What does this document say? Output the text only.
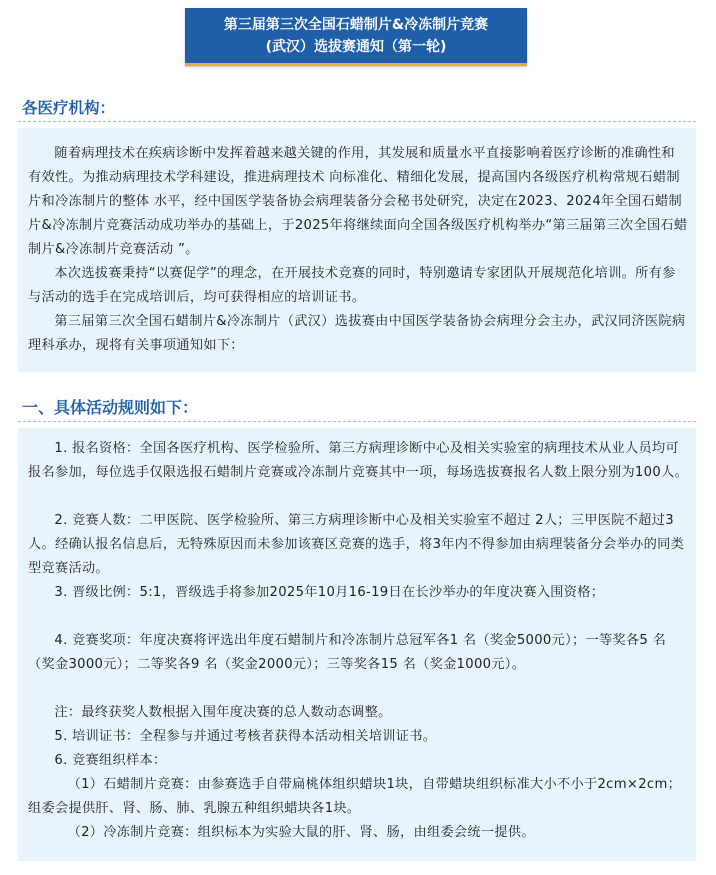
第三届第三次全国石蜡制片&冷冻制片竞赛
(武汉）选拔赛通知（第一轮)
各医疗机构：
随着病理技术在疾病诊断中发挥着越来越关键的作用，其发展和质量水平直接影响着医疗诊断的准确性和有效性。为推动病理技术学科建设，推进病理技术 向标准化、精细化发展，提高国内各级医疗机构常规石蜡制片和冷冻制片的整体 水平，经中国医学装备协会病理装备分会秘书处研究，决定在2023、2024年全国石蜡制片&冷冻制片竞赛活动成功举办的基础上，于2025年将继续面向全国各级医疗机构举办“第三届第三次全国石蜡制片&冷冻制片竞赛活动 ”。
本次选拔赛秉持“以赛促学”的理念，在开展技术竞赛的同时，特别邀请专家团队开展规范化培训。所有参与活动的选手在完成培训后，均可获得相应的培训证书。
第三届第三次全国石蜡制片&冷冻制片（武汉）选拔赛由中国医学装备协会病理分会主办，武汉同济医院病理科承办，现将有关事项通知如下：
一、具体活动规则如下：
1. 报名资格：全国各医疗机构、医学检验所、第三方病理诊断中心及相关实验室的病理技术从业人员均可报名参加，每位选手仅限选报石蜡制片竞赛或冷冻制片竞赛其中一项，每场选拔赛报名人数上限分别为100人。
2. 竞赛人数：二甲医院、医学检验所、第三方病理诊断中心及相关实验室不超过 2人；三甲医院不超过3人。经确认报名信息后，无特殊原因而未参加该赛区竞赛的选手，将3年内不得参加由病理装备分会举办的同类型竞赛活动。
3. 晋级比例：5:1，晋级选手将参加2025年10月16-19日在长沙举办的年度决赛入围资格；
4. 竞赛奖项：年度决赛将评选出年度石蜡制片和冷冻制片总冠军各1 名（奖金5000元）；一等奖各5 名（奖金3000元）；二等奖各9 名（奖金2000元）；三等奖各15 名（奖金1000元）。
注：最终获奖人数根据入围年度决赛的总人数动态调整。
5. 培训证书：全程参与并通过考核者获得本活动相关培训证书。
6. 竞赛组织样本：
（1）石蜡制片竞赛：由参赛选手自带扁桃体组织蜡块1块，自带蜡块组织标准大小不小于2cm×2cm；组委会提供肝、肾、肠、肺、乳腺五种组织蜡块各1块。
（2）冷冻制片竞赛：组织标本为实验大鼠的肝、肾、肠，由组委会统一提供。
